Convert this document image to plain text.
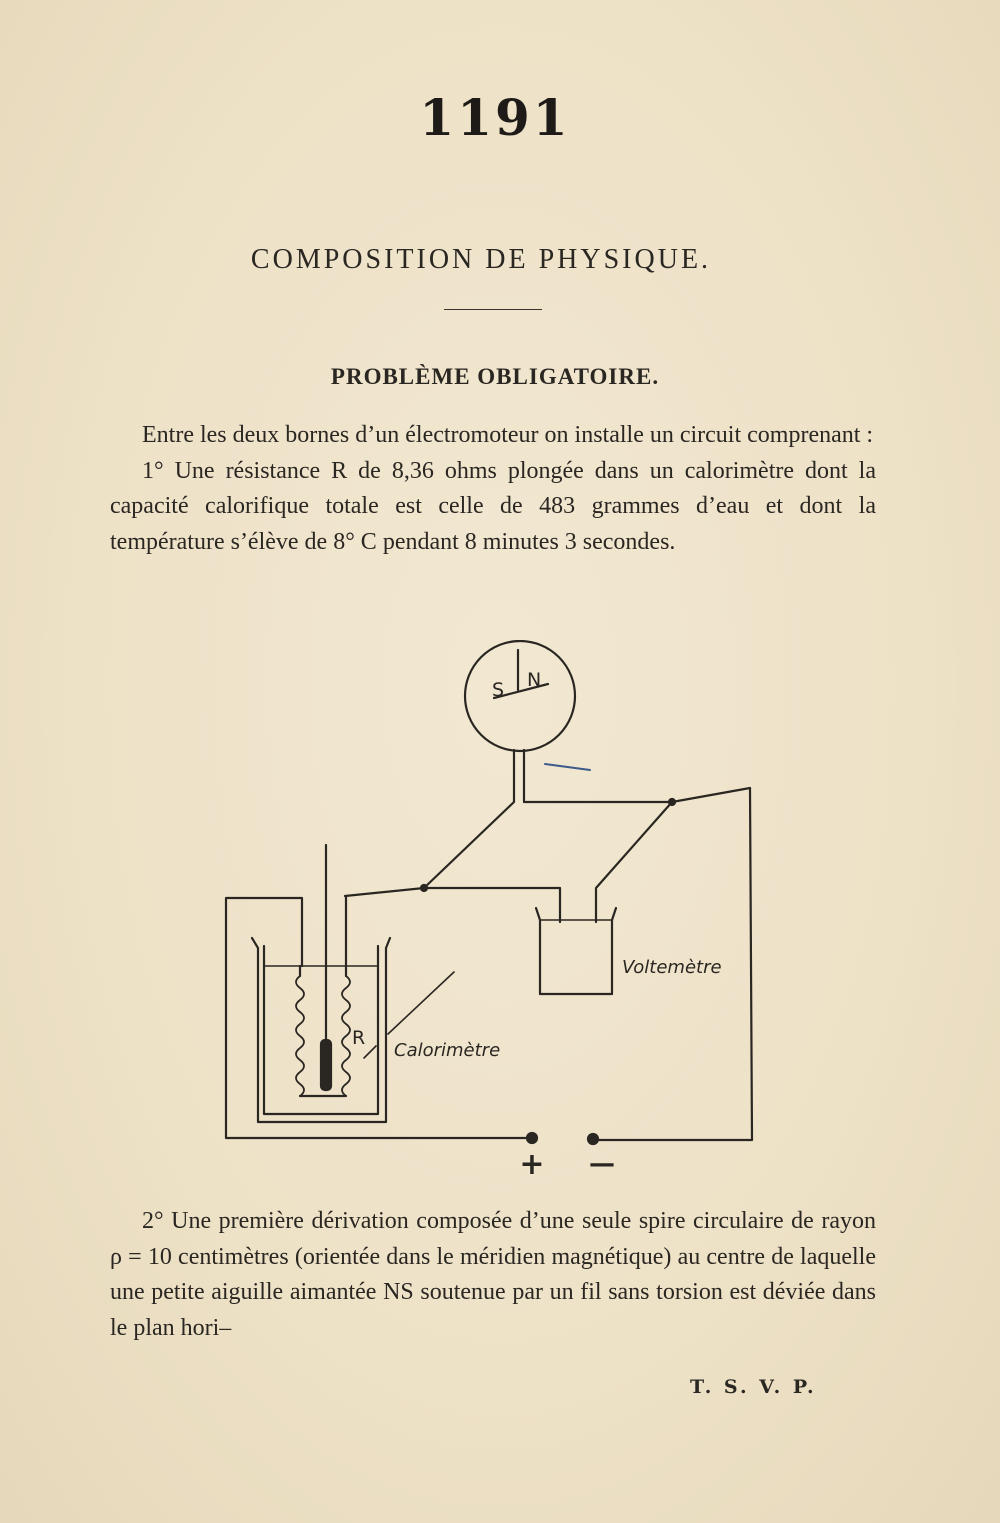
1191
COMPOSITION DE PHYSIQUE.
PROBLÈME OBLIGATOIRE.

Entre les deux bornes d’un électromoteur on installe un circuit comprenant :

1° Une résistance R de 8,36 ohms plongée dans un calorimètre dont la capacité calorifique totale est celle de 483 grammes d’eau et dont la température s’élève de 8° C pendant 8 minutes 3 secondes.

S N
Voltemètre
R
Calorimètre
+ —

2° Une première dérivation composée d’une seule spire circulaire de rayon ρ = 10 centimètres (orientée dans le méridien magnétique) au centre de laquelle une petite aiguille aimantée NS soutenue par un fil sans torsion est déviée dans le plan hori–

T. S. V. P.
